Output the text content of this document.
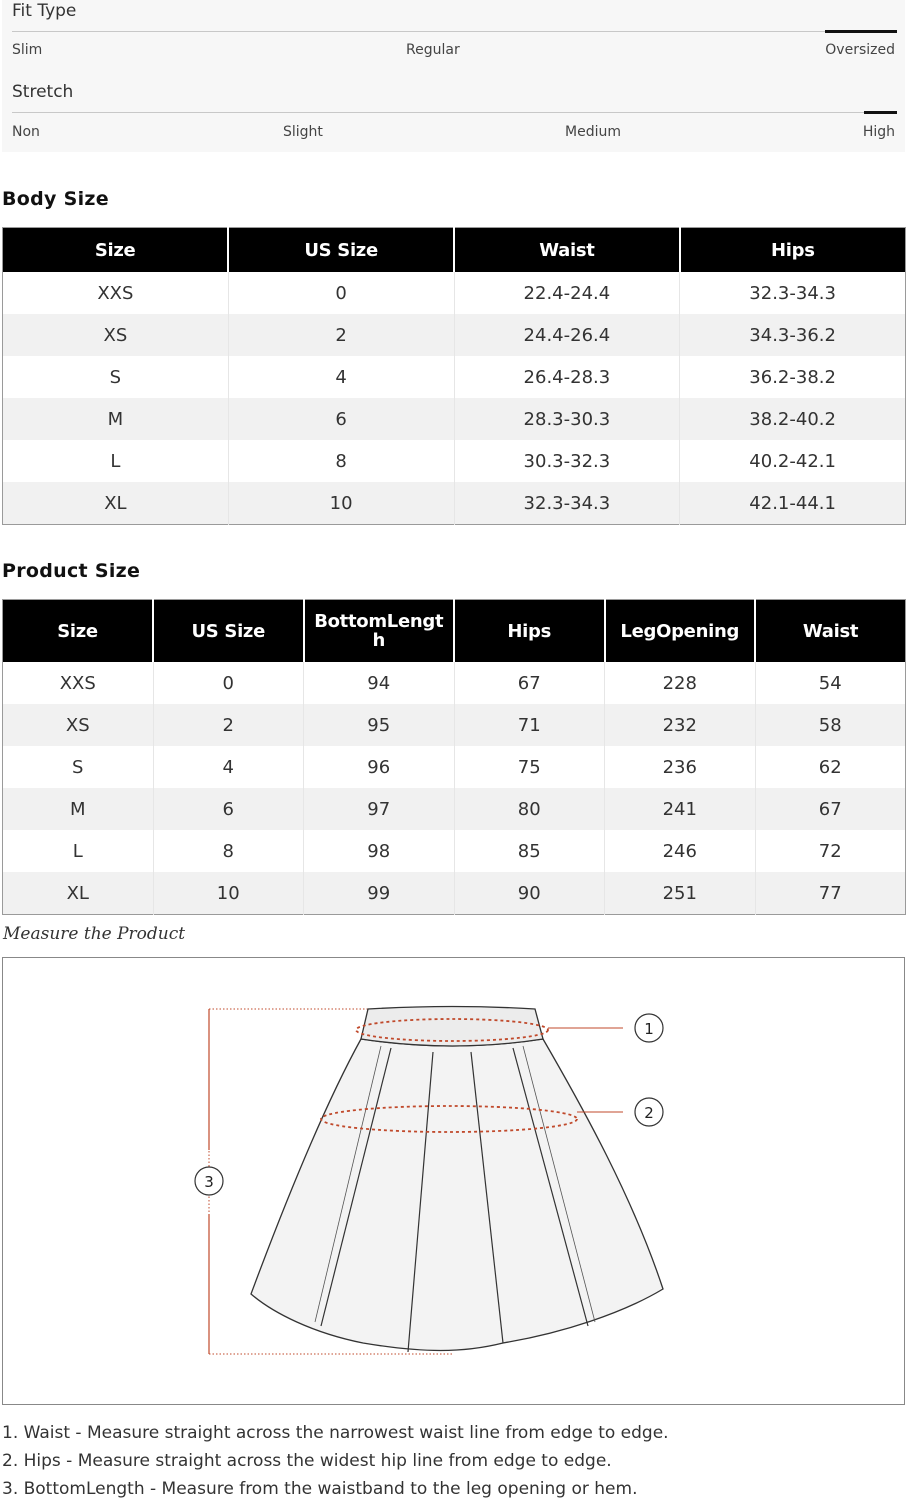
Fit Type
Slim	Regular	Oversized
Stretch
Non	Slight	Medium	High
Body Size
Size	US Size	Waist	Hips
XXS	0	22.4-24.4	32.3-34.3
XS	2	24.4-26.4	34.3-36.2
S	4	26.4-28.3	36.2-38.2
M	6	28.3-30.3	38.2-40.2
L	8	30.3-32.3	40.2-42.1
XL	10	32.3-34.3	42.1-44.1
Product Size
Size	US Size	BottomLength	Hips	LegOpening	Waist
XXS	0	94	67	228	54
XS	2	95	71	232	58
S	4	96	75	236	62
M	6	97	80	241	67
L	8	98	85	246	72
XL	10	99	90	251	77
Measure the Product
1
2
3
1. Waist - Measure straight across the narrowest waist line from edge to edge.
2. Hips - Measure straight across the widest hip line from edge to edge.
3. BottomLength - Measure from the waistband to the leg opening or hem.
